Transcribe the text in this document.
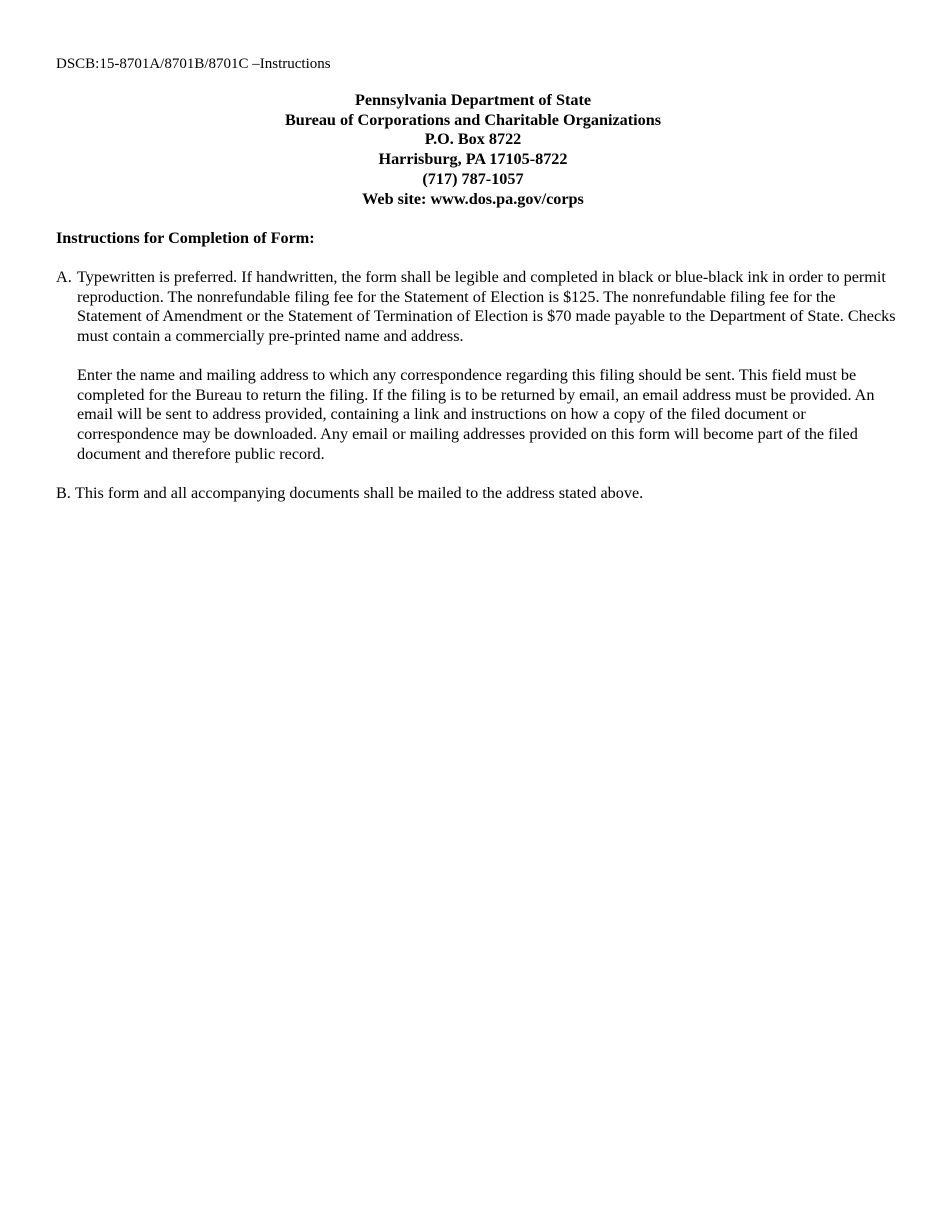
DSCB:15-8701A/8701B/8701C –Instructions
Pennsylvania Department of State
Bureau of Corporations and Charitable Organizations
P.O. Box 8722
Harrisburg, PA 17105-8722
(717) 787-1057
Web site: www.dos.pa.gov/corps
Instructions for Completion of Form:
A. Typewritten is preferred. If handwritten, the form shall be legible and completed in black or blue-black ink in order to permit reproduction. The nonrefundable filing fee for the Statement of Election is $125. The nonrefundable filing fee for the Statement of Amendment or the Statement of Termination of Election is $70 made payable to the Department of State. Checks must contain a commercially pre-printed name and address.
Enter the name and mailing address to which any correspondence regarding this filing should be sent. This field must be completed for the Bureau to return the filing. If the filing is to be returned by email, an email address must be provided. An email will be sent to address provided, containing a link and instructions on how a copy of the filed document or correspondence may be downloaded. Any email or mailing addresses provided on this form will become part of the filed document and therefore public record.
B. This form and all accompanying documents shall be mailed to the address stated above.
